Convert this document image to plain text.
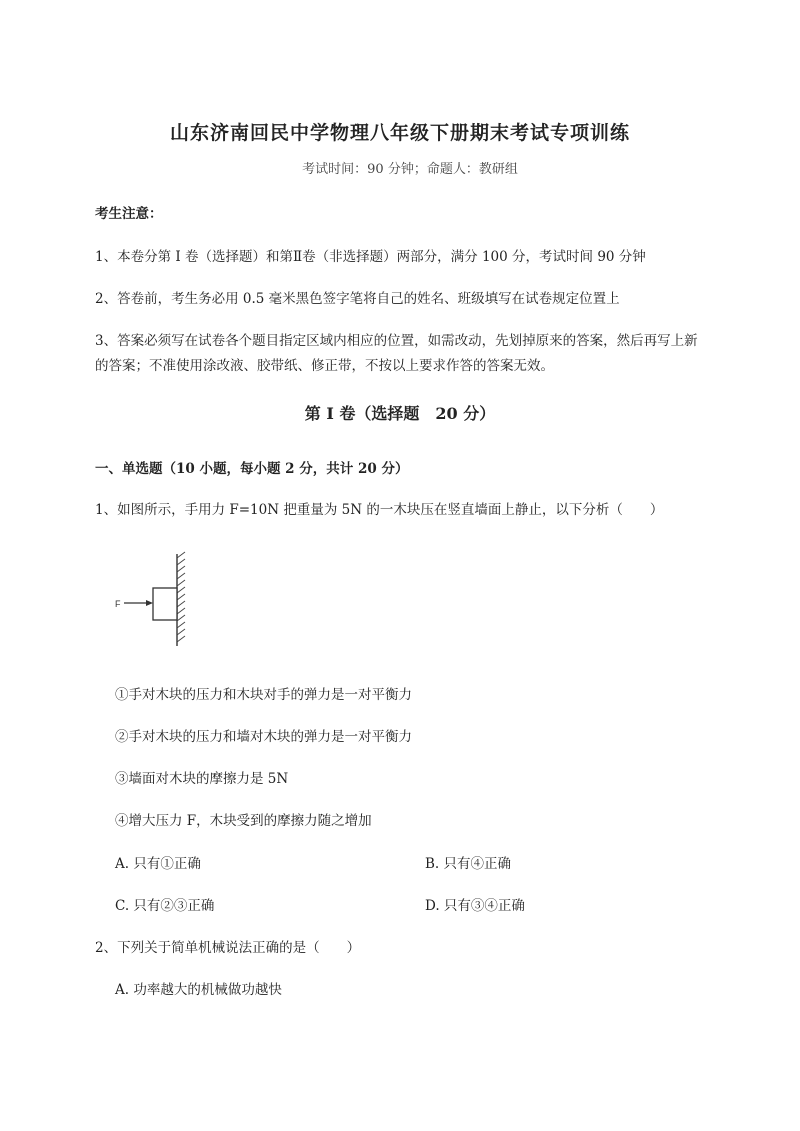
山东济南回民中学物理八年级下册期末考试专项训练
考试时间：90 分钟；命题人：教研组
考生注意：
1、本卷分第 I 卷（选择题）和第Ⅱ卷（非选择题）两部分，满分 100 分，考试时间 90 分钟
2、答卷前，考生务必用 0.5 毫米黑色签字笔将自己的姓名、班级填写在试卷规定位置上
3、答案必须写在试卷各个题目指定区域内相应的位置，如需改动，先划掉原来的答案，然后再写上新
的答案；不准使用涂改液、胶带纸、修正带，不按以上要求作答的答案无效。
第 I 卷（选择题　20 分）
一、单选题（10 小题，每小题 2 分，共计 20 分）
1、如图所示，手用力 F=10N 把重量为 5N 的一木块压在竖直墙面上静止，以下分析（　　）
F
①手对木块的压力和木块对手的弹力是一对平衡力
②手对木块的压力和墙对木块的弹力是一对平衡力
③墙面对木块的摩擦力是 5N
④增大压力 F，木块受到的摩擦力随之增加
A. 只有①正确	B. 只有④正确
C. 只有②③正确	D. 只有③④正确
2、下列关于简单机械说法正确的是（　　）
A. 功率越大的机械做功越快
